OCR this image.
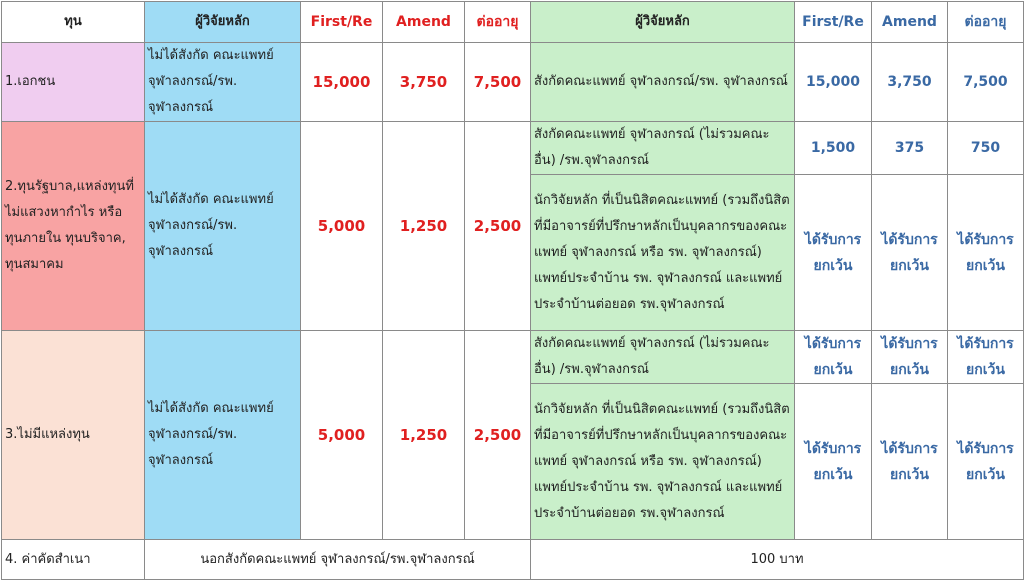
ทุน	ผู้วิจัยหลัก	First/Re	Amend	ต่ออายุ	ผู้วิจัยหลัก	First/Re	Amend	ต่ออายุ
1.เอกชน	ไม่ได้สังกัด คณะแพทย์ จุฬาลงกรณ์/รพ. จุฬาลงกรณ์	15,000	3,750	7,500	สังกัดคณะแพทย์ จุฬาลงกรณ์/รพ. จุฬาลงกรณ์	15,000	3,750	7,500
2.ทุนรัฐบาล,แหล่งทุนที่ไม่แสวงหากำไร หรือ ทุนภายใน ทุนบริจาค, ทุนสมาคม	ไม่ได้สังกัด คณะแพทย์ จุฬาลงกรณ์/รพ. จุฬาลงกรณ์	5,000	1,250	2,500	สังกัดคณะแพทย์ จุฬาลงกรณ์ (ไม่รวมคณะอื่น) /รพ.จุฬาลงกรณ์	1,500	375	750
					นักวิจัยหลัก ที่เป็นนิสิตคณะแพทย์ (รวมถึงนิสิตที่มีอาจารย์ที่ปรึกษาหลักเป็นบุคลากรของคณะแพทย์ จุฬาลงกรณ์ หรือ รพ. จุฬาลงกรณ์) แพทย์ประจำบ้าน รพ. จุฬาลงกรณ์ และแพทย์ประจำบ้านต่อยอด รพ.จุฬาลงกรณ์	ได้รับการยกเว้น	ได้รับการยกเว้น	ได้รับการยกเว้น
3.ไม่มีแหล่งทุน	ไม่ได้สังกัด คณะแพทย์ จุฬาลงกรณ์/รพ. จุฬาลงกรณ์	5,000	1,250	2,500	สังกัดคณะแพทย์ จุฬาลงกรณ์ (ไม่รวมคณะอื่น) /รพ.จุฬาลงกรณ์	ได้รับการยกเว้น	ได้รับการยกเว้น	ได้รับการยกเว้น
					นักวิจัยหลัก ที่เป็นนิสิตคณะแพทย์ (รวมถึงนิสิตที่มีอาจารย์ที่ปรึกษาหลักเป็นบุคลากรของคณะแพทย์ จุฬาลงกรณ์ หรือ รพ. จุฬาลงกรณ์) แพทย์ประจำบ้าน รพ. จุฬาลงกรณ์ และแพทย์ประจำบ้านต่อยอด รพ.จุฬาลงกรณ์	ได้รับการยกเว้น	ได้รับการยกเว้น	ได้รับการยกเว้น
4. ค่าคัดสำเนา	นอกสังกัดคณะแพทย์ จุฬาลงกรณ์/รพ.จุฬาลงกรณ์				100 บาท			
